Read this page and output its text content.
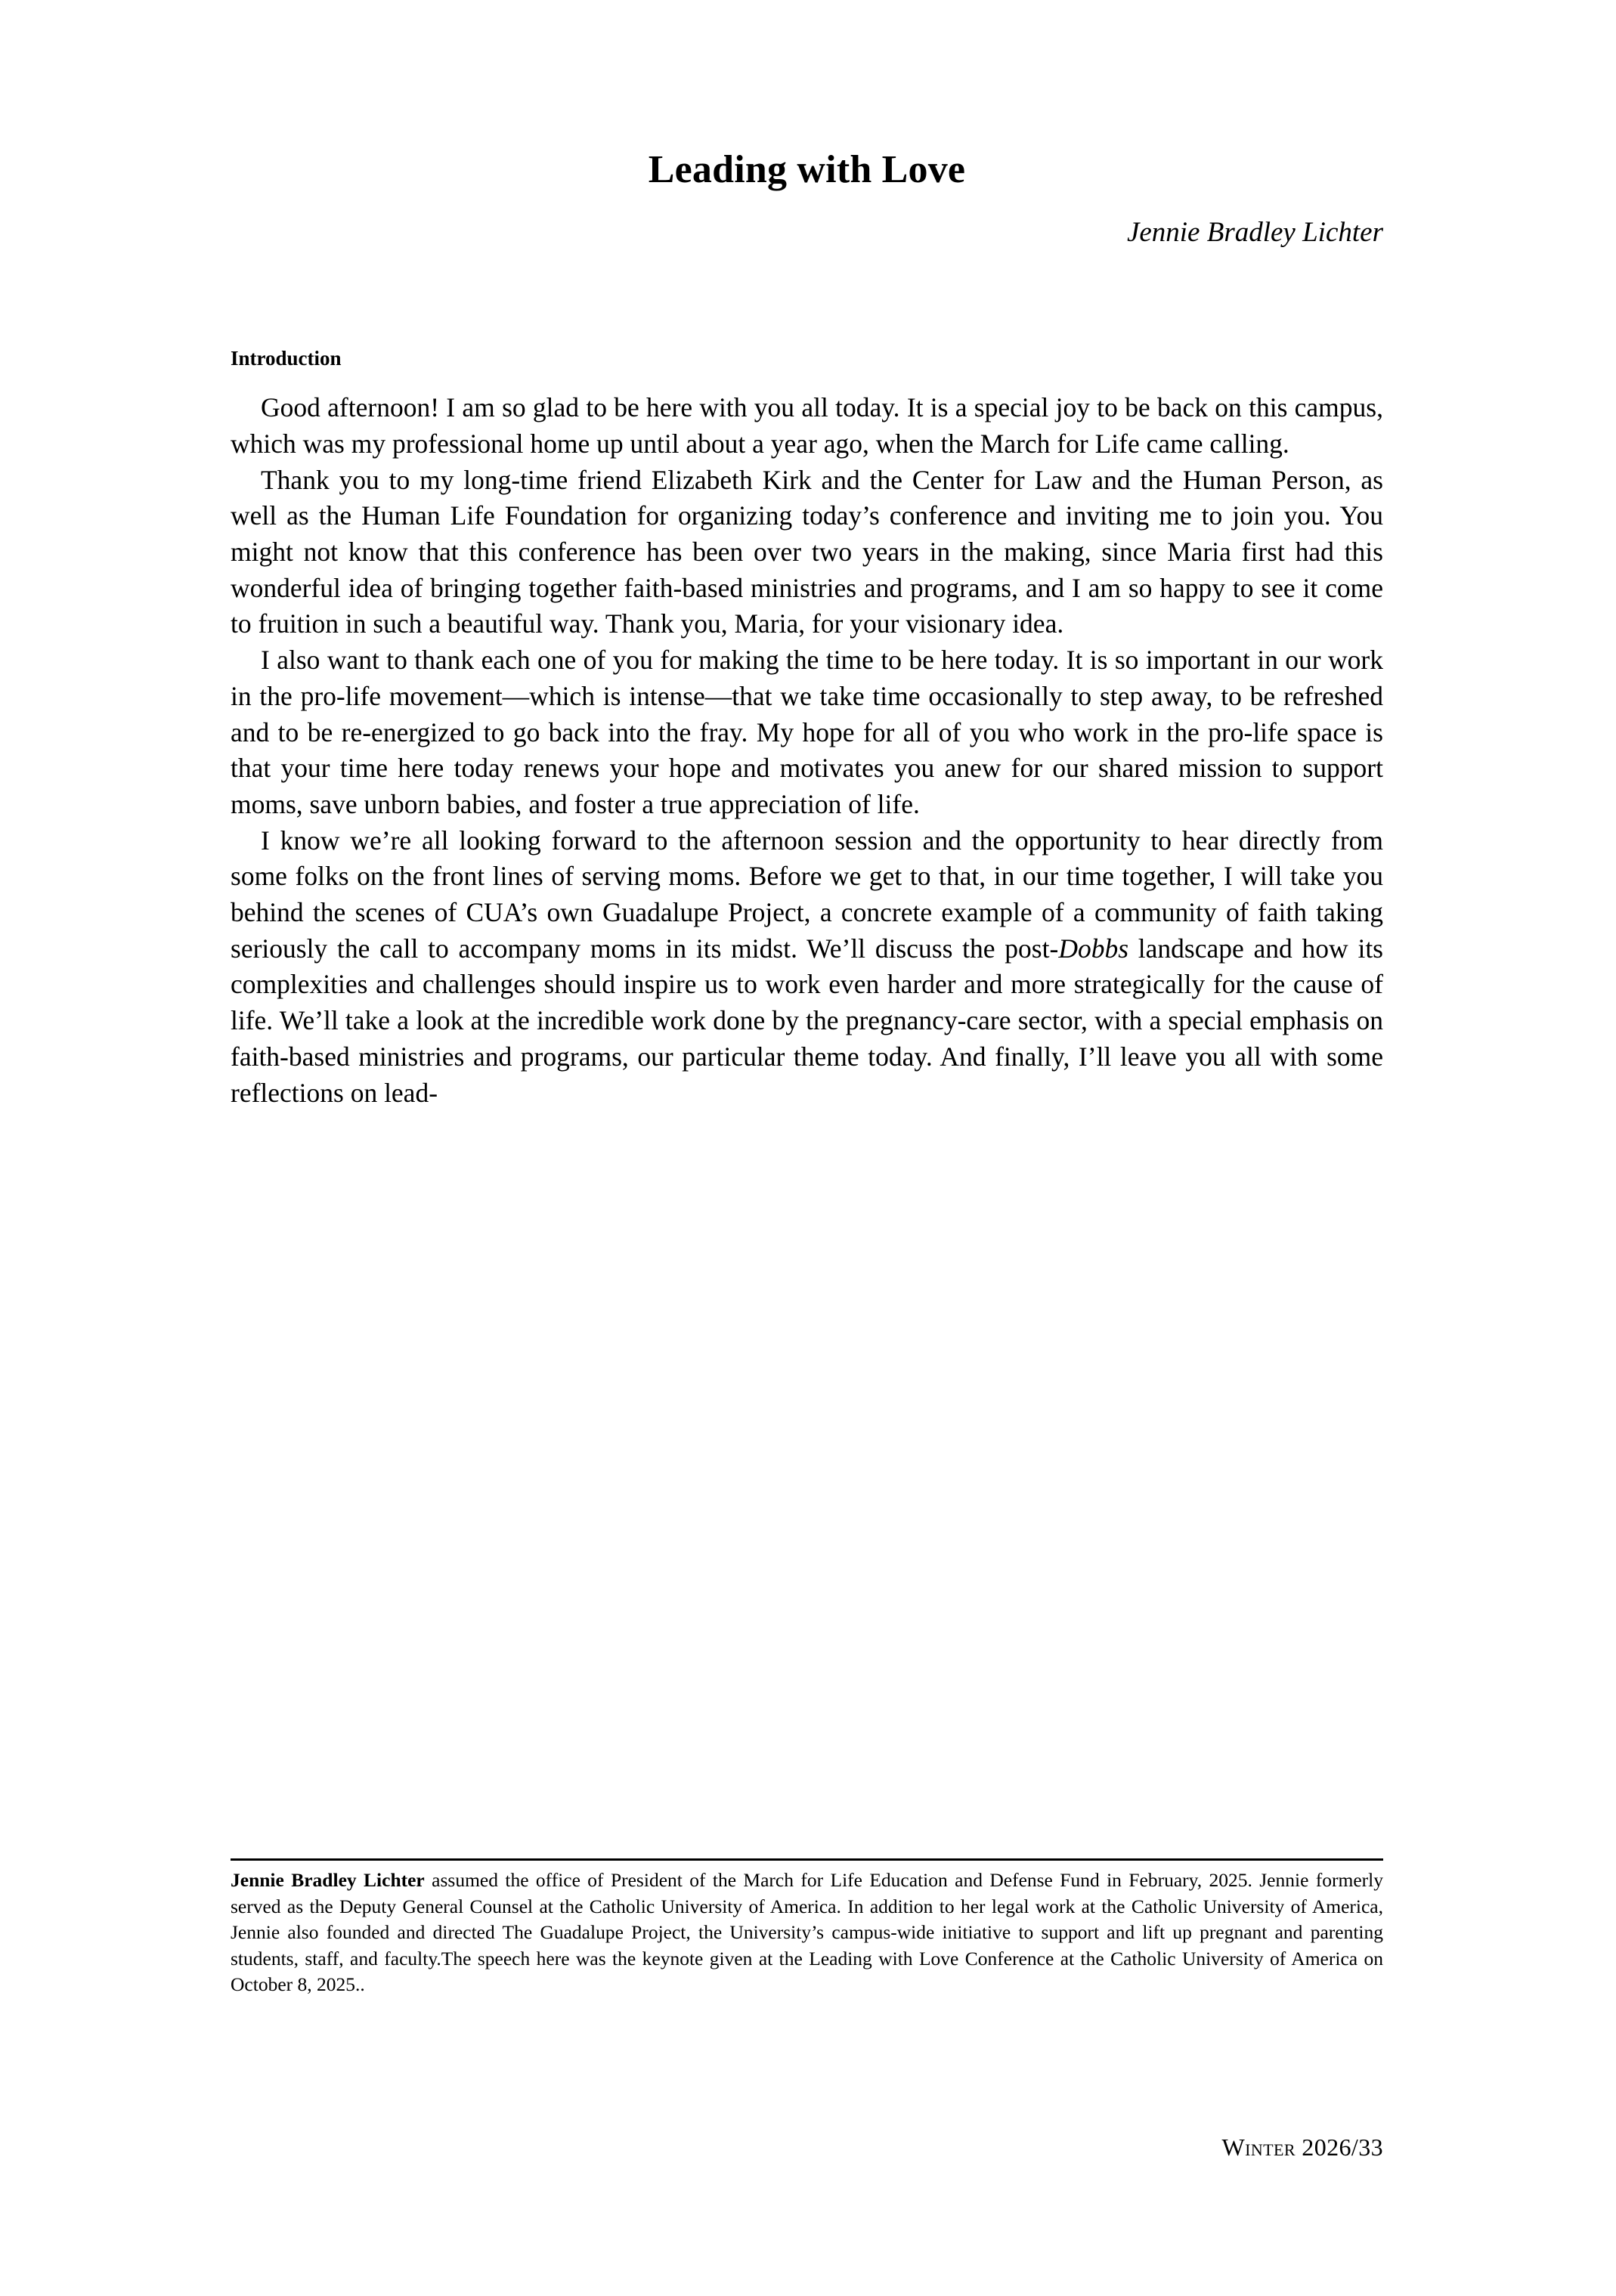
Leading with Love
Jennie Bradley Lichter
Introduction

Good afternoon! I am so glad to be here with you all today. It is a special joy to be back on this campus, which was my professional home up until about a year ago, when the March for Life came calling.

Thank you to my long-time friend Elizabeth Kirk and the Center for Law and the Human Person, as well as the Human Life Foundation for organizing today’s conference and inviting me to join you. You might not know that this conference has been over two years in the making, since Maria first had this wonderful idea of bringing together faith-based ministries and programs, and I am so happy to see it come to fruition in such a beautiful way. Thank you, Maria, for your visionary idea.

I also want to thank each one of you for making the time to be here today. It is so important in our work in the pro-life movement—which is intense—that we take time occasionally to step away, to be refreshed and to be re-energized to go back into the fray. My hope for all of you who work in the pro-life space is that your time here today renews your hope and motivates you anew for our shared mission to support moms, save unborn babies, and foster a true appreciation of life.

I know we’re all looking forward to the afternoon session and the opportunity to hear directly from some folks on the front lines of serving moms. Before we get to that, in our time together, I will take you behind the scenes of CUA’s own Guadalupe Project, a concrete example of a community of faith taking seriously the call to accompany moms in its midst. We’ll discuss the post-Dobbs landscape and how its complexities and challenges should inspire us to work even harder and more strategically for the cause of life. We’ll take a look at the incredible work done by the pregnancy-care sector, with a special emphasis on faith-based ministries and programs, our particular theme today. And finally, I’ll leave you all with some reflections on lead-

Jennie Bradley Lichter assumed the office of President of the March for Life Education and Defense Fund in February, 2025. Jennie formerly served as the Deputy General Counsel at the Catholic University of America. In addition to her legal work at the Catholic University of America, Jennie also founded and directed The Guadalupe Project, the University’s campus-wide initiative to support and lift up pregnant and parenting students, staff, and faculty.The speech here was the keynote given at the Leading with Love Conference at the Catholic University of America on October 8, 2025..

Winter 2026/33
